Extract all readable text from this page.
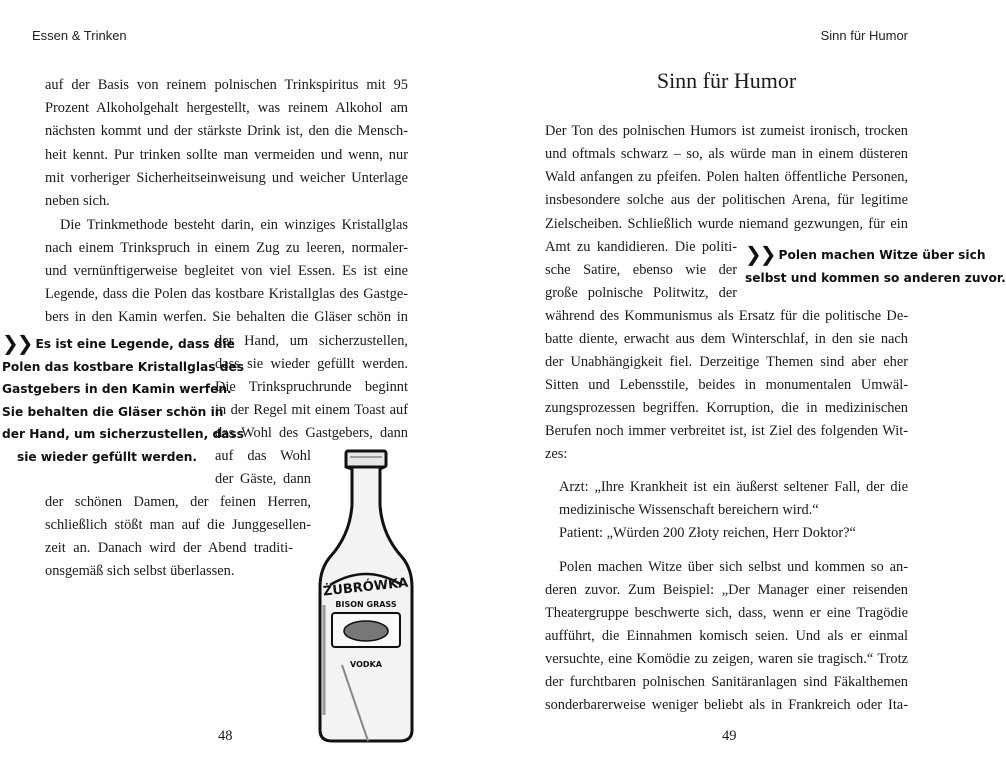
Essen & Trinken	Sinn für Humor
auf der Basis von reinem polnischen Trinkspiritus mit 95
Prozent Alkoholgehalt hergestellt, was reinem Alkohol am
nächsten kommt und der stärkste Drink ist, den die Mensch-
heit kennt. Pur trinken sollte man vermeiden und wenn, nur
mit vorheriger Sicherheitseinweisung und weicher Unterlage
neben sich.
Die Trinkmethode besteht darin, ein winziges Kristallglas
nach einem Trinkspruch in einem Zug zu leeren, normaler-
und vernünftigerweise begleitet von viel Essen. Es ist eine
Legende, dass die Polen das kostbare Kristallglas des Gastge-
bers in den Kamin werfen. Sie behalten die Gläser schön in
der Hand, um sicherzustellen,
dass sie wieder gefüllt werden.
Die Trinkspruchrunde beginnt
in der Regel mit einem Toast auf
das Wohl des Gastgebers, dann
auf das Wohl
der Gäste, dann
der schönen Damen, der feinen Herren,
schließlich stößt man auf die Junggesellen-
zeit an. Danach wird der Abend traditi-
onsgemäß sich selbst überlassen.
❯❯ Es ist eine Legende, dass die
Polen das kostbare Kristallglas des
Gastgebers in den Kamin werfen.
Sie behalten die Gläser schön in
der Hand, um sicherzustellen, dass
sie wieder gefüllt werden.
ŻUBRÓWKA
BISON GRASS
VODKA
48
Sinn für Humor
Der Ton des polnischen Humors ist zumeist ironisch, trocken
und oftmals schwarz – so, als würde man in einem düsteren
Wald anfangen zu pfeifen. Polen halten öffentliche Personen,
insbesondere solche aus der politischen Arena, für legitime
Zielscheiben. Schließlich wurde niemand gezwungen, für ein
Amt zu kandidieren. Die politi-
sche Satire, ebenso wie der
große polnische Politwitz, der
während des Kommunismus als Ersatz für die politische De-
batte diente, erwacht aus dem Winterschlaf, in den sie nach
der Unabhängigkeit fiel. Derzeitige Themen sind aber eher
Sitten und Lebensstile, beides in monumentalen Umwäl-
zungsprozessen begriffen. Korruption, die in medizinischen
Berufen noch immer verbreitet ist, ist Ziel des folgenden Wit-
zes:
Arzt: „Ihre Krankheit ist ein äußerst seltener Fall, der die
medizinische Wissenschaft bereichern wird.“
Patient: „Würden 200 Złoty reichen, Herr Doktor?“
Polen machen Witze über sich selbst und kommen so an-
deren zuvor. Zum Beispiel: „Der Manager einer reisenden
Theatergruppe beschwerte sich, dass, wenn er eine Tragödie
aufführt, die Einnahmen komisch seien. Und als er einmal
versuchte, eine Komödie zu zeigen, waren sie tragisch.“ Trotz
der furchtbaren polnischen Sanitäranlagen sind Fäkalthemen
sonderbarerweise weniger beliebt als in Frankreich oder Ita-
❯❯ Polen machen Witze über sich
selbst und kommen so anderen zuvor.
49
